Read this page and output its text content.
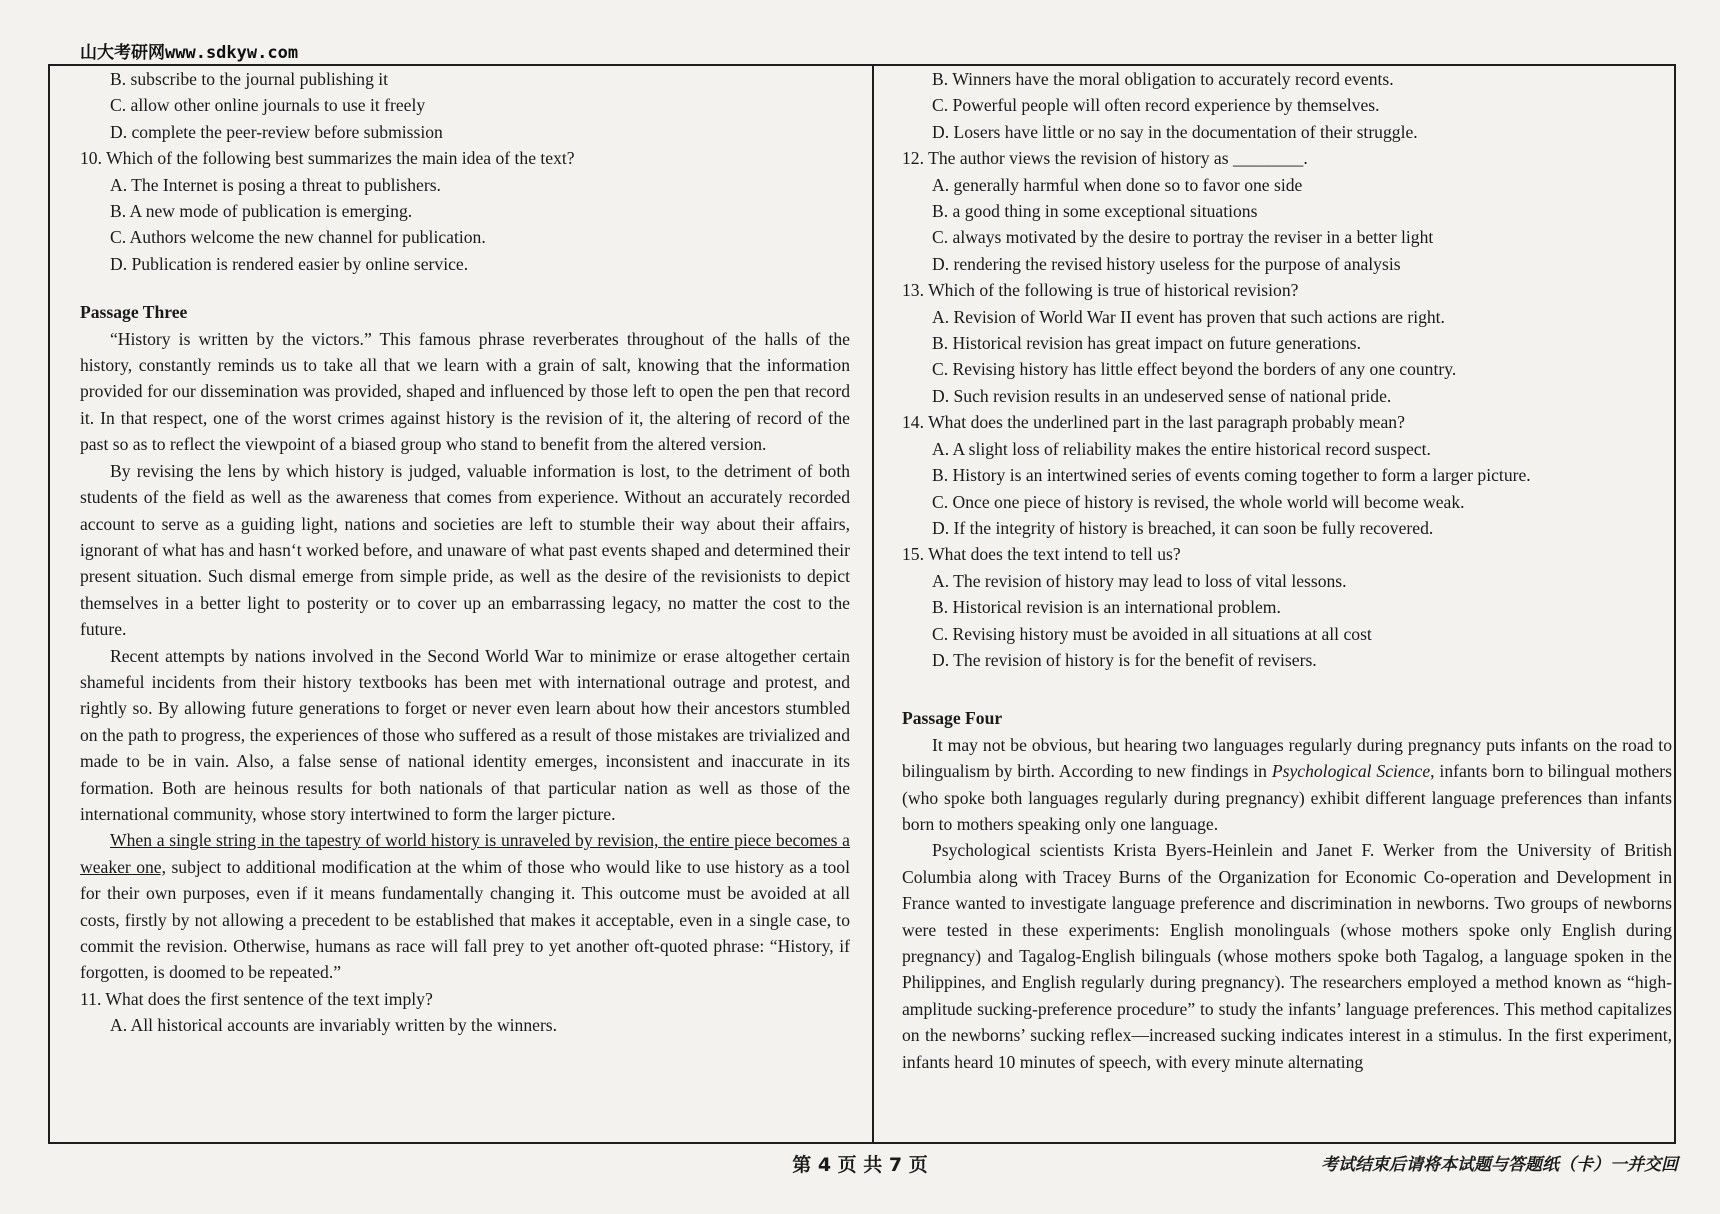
山大考研网www.sdkyw.com
B. subscribe to the journal publishing it
C. allow other online journals to use it freely
D. complete the peer-review before submission
10. Which of the following best summarizes the main idea of the text?
A. The Internet is posing a threat to publishers.
B. A new mode of publication is emerging.
C. Authors welcome the new channel for publication.
D. Publication is rendered easier by online service.
Passage Three

“History is written by the victors.” This famous phrase reverberates throughout of the halls of the history, constantly reminds us to take all that we learn with a grain of salt, knowing that the information provided for our dissemination was provided, shaped and influenced by those left to open the pen that record it. In that respect, one of the worst crimes against history is the revision of it, the altering of record of the past so as to reflect the viewpoint of a biased group who stand to benefit from the altered version.

By revising the lens by which history is judged, valuable information is lost, to the detriment of both students of the field as well as the awareness that comes from experience. Without an accurately recorded account to serve as a guiding light, nations and societies are left to stumble their way about their affairs, ignorant of what has and hasn‘t worked before, and unaware of what past events shaped and determined their present situation. Such dismal emerge from simple pride, as well as the desire of the revisionists to depict themselves in a better light to posterity or to cover up an embarrassing legacy, no matter the cost to the future.

Recent attempts by nations involved in the Second World War to minimize or erase altogether certain shameful incidents from their history textbooks has been met with international outrage and protest, and rightly so. By allowing future generations to forget or never even learn about how their ancestors stumbled on the path to progress, the experiences of those who suffered as a result of those mistakes are trivialized and made to be in vain. Also, a false sense of national identity emerges, inconsistent and inaccurate in its formation. Both are heinous results for both nationals of that particular nation as well as those of the international community, whose story intertwined to form the larger picture.

When a single string in the tapestry of world history is unraveled by revision, the entire piece becomes a weaker one, subject to additional modification at the whim of those who would like to use history as a tool for their own purposes, even if it means fundamentally changing it. This outcome must be avoided at all costs, firstly by not allowing a precedent to be established that makes it acceptable, even in a single case, to commit the revision. Otherwise, humans as race will fall prey to yet another oft-quoted phrase: “History, if forgotten, is doomed to be repeated.”

11. What does the first sentence of the text imply?
A. All historical accounts are invariably written by the winners.
B. Winners have the moral obligation to accurately record events.
C. Powerful people will often record experience by themselves.
D. Losers have little or no say in the documentation of their struggle.
12. The author views the revision of history as ________.
A. generally harmful when done so to favor one side
B. a good thing in some exceptional situations
C. always motivated by the desire to portray the reviser in a better light
D. rendering the revised history useless for the purpose of analysis
13. Which of the following is true of historical revision?
A. Revision of World War II event has proven that such actions are right.
B. Historical revision has great impact on future generations.
C. Revising history has little effect beyond the borders of any one country.
D. Such revision results in an undeserved sense of national pride.
14. What does the underlined part in the last paragraph probably mean?
A. A slight loss of reliability makes the entire historical record suspect.
B. History is an intertwined series of events coming together to form a larger picture.
C. Once one piece of history is revised, the whole world will become weak.
D. If the integrity of history is breached, it can soon be fully recovered.
15. What does the text intend to tell us?
A. The revision of history may lead to loss of vital lessons.
B. Historical revision is an international problem.
C. Revising history must be avoided in all situations at all cost
D. The revision of history is for the benefit of revisers.
Passage Four

It may not be obvious, but hearing two languages regularly during pregnancy puts infants on the road to bilingualism by birth. According to new findings in Psychological Science, infants born to bilingual mothers (who spoke both languages regularly during pregnancy) exhibit different language preferences than infants born to mothers speaking only one language.

Psychological scientists Krista Byers-Heinlein and Janet F. Werker from the University of British Columbia along with Tracey Burns of the Organization for Economic Co-operation and Development in France wanted to investigate language preference and discrimination in newborns. Two groups of newborns were tested in these experiments: English monolinguals (whose mothers spoke only English during pregnancy) and Tagalog-English bilinguals (whose mothers spoke both Tagalog, a language spoken in the Philippines, and English regularly during pregnancy). The researchers employed a method known as “high-amplitude sucking-preference procedure” to study the infants’ language preferences. This method capitalizes on the newborns’ sucking reflex—increased sucking indicates interest in a stimulus. In the first experiment, infants heard 10 minutes of speech, with every minute alternating

第 4 页 共 7 页	考试结束后请将本试题与答题纸（卡）一并交回
